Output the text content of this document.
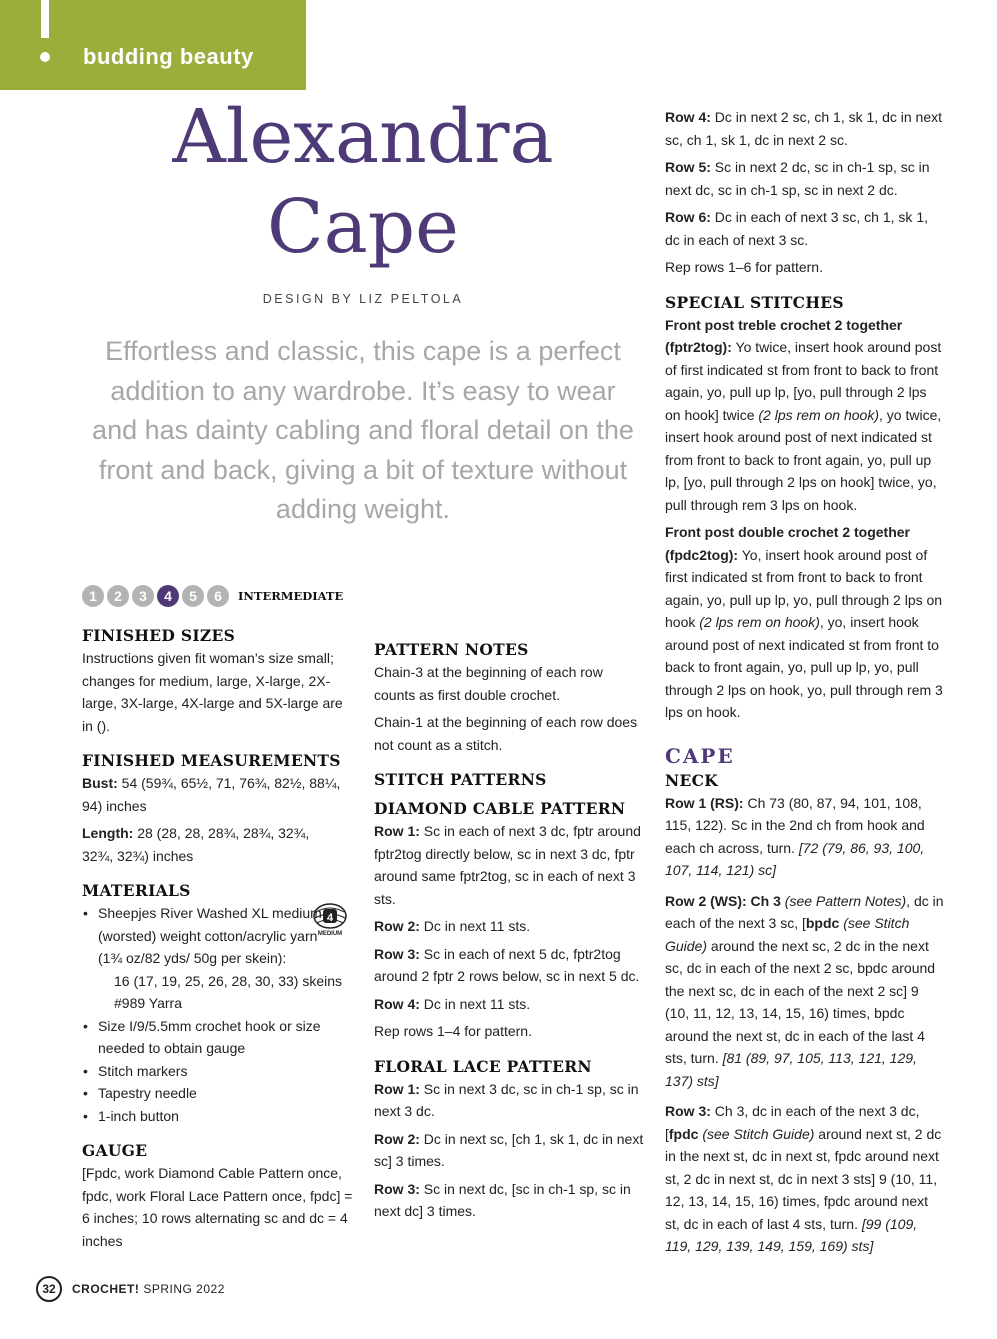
budding beauty
Alexandra
Cape
DESIGN BY LIZ PELTOLA
Effortless and classic, this cape is a perfect addition to any wardrobe. It’s easy to wear and has dainty cabling and floral detail on the front and back, giving a bit of texture without adding weight.
1	2	3	4	5	6	INTERMEDIATE
FINISHED SIZES

Instructions given fit woman’s size small; changes for medium, large, X-large, 2X-large, 3X-large, 4X-large and 5X-large are in ().

FINISHED MEASUREMENTS

Bust: 54 (59¾, 65½, 71, 76¾, 82½, 88¼, 94) inches

Length: 28 (28, 28, 28¾, 28¾, 32¾, 32¾, 32¾) inches

MATERIALS
4
MEDIUM
• Sheepjes River Washed XL medium (worsted) weight cotton/acrylic yarn (1¾ oz/82 yds/ 50g per skein):
16 (17, 19, 25, 26, 28, 30, 33) skeins #989 Yarra
• Size I/9/5.5mm crochet hook or size needed to obtain gauge
• Stitch markers
• Tapestry needle
• 1-inch button
GAUGE

[Fpdc, work Diamond Cable Pattern once, fpdc, work Floral Lace Pattern once, fpdc] = 6 inches; 10 rows alternating sc and dc = 4 inches

PATTERN NOTES

Chain-3 at the beginning of each row counts as first double crochet.

Chain-1 at the beginning of each row does not count as a stitch.

STITCH PATTERNS
DIAMOND CABLE PATTERN

Row 1: Sc in each of next 3 dc, fptr around fptr2tog directly below, sc in next 3 dc, fptr around same fptr2tog, sc in each of next 3 sts.

Row 2: Dc in next 11 sts.

Row 3: Sc in each of next 5 dc, fptr2tog around 2 fptr 2 rows below, sc in next 5 dc.

Row 4: Dc in next 11 sts.

Rep rows 1–4 for pattern.

FLORAL LACE PATTERN

Row 1: Sc in next 3 dc, sc in ch-1 sp, sc in next 3 dc.

Row 2: Dc in next sc, [ch 1, sk 1, dc in next sc] 3 times.

Row 3: Sc in next dc, [sc in ch-1 sp, sc in next dc] 3 times.

Row 4: Dc in next 2 sc, ch 1, sk 1, dc in next sc, ch 1, sk 1, dc in next 2 sc.

Row 5: Sc in next 2 dc, sc in ch-1 sp, sc in next dc, sc in ch-1 sp, sc in next 2 dc.

Row 6: Dc in each of next 3 sc, ch 1, sk 1, dc in each of next 3 sc.

Rep rows 1–6 for pattern.

SPECIAL STITCHES

Front post treble crochet 2 together (fptr2tog): Yo twice, insert hook around post of first indicated st from front to back to front again, yo, pull up lp, [yo, pull through 2 lps on hook] twice (2 lps rem on hook), yo twice, insert hook around post of next indicated st from front to back to front again, yo, pull up lp, [yo, pull through 2 lps on hook] twice, yo, pull through rem 3 lps on hook.

Front post double crochet 2 together (fpdc2tog): Yo, insert hook around post of first indicated st from front to back to front again, yo, pull up lp, yo, pull through 2 lps on hook (2 lps rem on hook), yo, insert hook around post of next indicated st from front to back to front again, yo, pull up lp, yo, pull through 2 lps on hook, yo, pull through rem 3 lps on hook.

CAPE
NECK

Row 1 (RS): Ch 73 (80, 87, 94, 101, 108, 115, 122). Sc in the 2nd ch from hook and each ch across, turn. [72 (79, 86, 93, 100, 107, 114, 121) sc]

Row 2 (WS): Ch 3 (see Pattern Notes), dc in each of the next 3 sc, [bpdc (see Stitch Guide) around the next sc, 2 dc in the next sc, dc in each of the next 2 sc, bpdc around the next sc, dc in each of the next 2 sc] 9 (10, 11, 12, 13, 14, 15, 16) times, bpdc around the next st, dc in each of the last 4 sts, turn. [81 (89, 97, 105, 113, 121, 129, 137) sts]

Row 3: Ch 3, dc in each of the next 3 dc, [fpdc (see Stitch Guide) around next st, 2 dc in the next st, dc in next st, fpdc around next st, 2 dc in next st, dc in next 3 sts] 9 (10, 11, 12, 13, 14, 15, 16) times, fpdc around next st, dc in each of last 4 sts, turn. [99 (109, 119, 129, 139, 149, 159, 169) sts]

32	CROCHET! SPRING 2022
